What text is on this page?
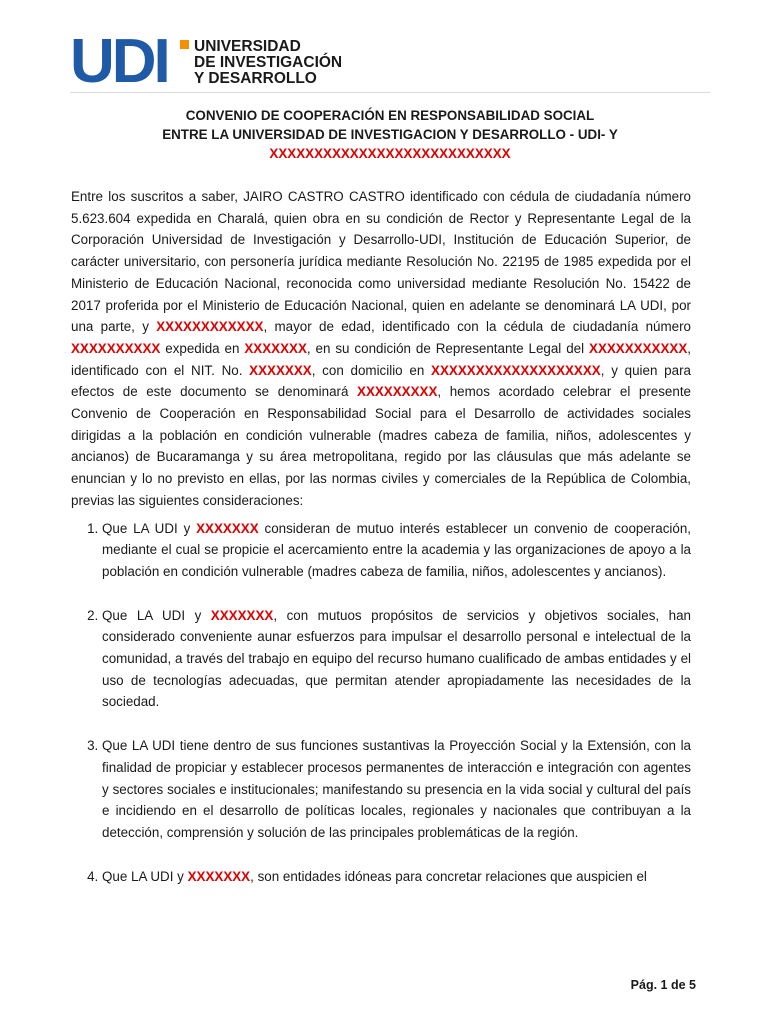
UDI UNIVERSIDAD
DE INVESTIGACIÓN
Y DESARROLLO
CONVENIO DE COOPERACIÓN EN RESPONSABILIDAD SOCIAL
ENTRE LA UNIVERSIDAD DE INVESTIGACION Y DESARROLLO - UDI- Y
XXXXXXXXXXXXXXXXXXXXXXXXXXX

Entre los suscritos a saber, JAIRO CASTRO CASTRO identificado con cédula de ciudadanía número 5.623.604 expedida en Charalá, quien obra en su condición de Rector y Representante Legal de la Corporación Universidad de Investigación y Desarrollo-UDI, Institución de Educación Superior, de carácter universitario, con personería jurídica mediante Resolución No. 22195 de 1985 expedida por el Ministerio de Educación Nacional, reconocida como universidad mediante Resolución No. 15422 de 2017 proferida por el Ministerio de Educación Nacional, quien en adelante se denominará LA UDI, por una parte, y XXXXXXXXXXXX, mayor de edad, identificado con la cédula de ciudadanía número XXXXXXXXXX expedida en XXXXXXX, en su condición de Representante Legal del XXXXXXXXXXX, identificado con el NIT. No. XXXXXXX, con domicilio en XXXXXXXXXXXXXXXXXXX, y quien para efectos de este documento se denominará XXXXXXXXX, hemos acordado celebrar el presente Convenio de Cooperación en Responsabilidad Social para el Desarrollo de actividades sociales dirigidas a la población en condición vulnerable (madres cabeza de familia, niños, adolescentes y ancianos) de Bucaramanga y su área metropolitana, regido por las cláusulas que más adelante se enuncian y lo no previsto en ellas, por las normas civiles y comerciales de la República de Colombia, previas las siguientes consideraciones:

1. Que LA UDI y XXXXXXX consideran de mutuo interés establecer un convenio de cooperación, mediante el cual se propicie el acercamiento entre la academia y las organizaciones de apoyo a la población en condición vulnerable (madres cabeza de familia, niños, adolescentes y ancianos).
2. Que LA UDI y XXXXXXX, con mutuos propósitos de servicios y objetivos sociales, han considerado conveniente aunar esfuerzos para impulsar el desarrollo personal e intelectual de la comunidad, a través del trabajo en equipo del recurso humano cualificado de ambas entidades y el uso de tecnologías adecuadas, que permitan atender apropiadamente las necesidades de la sociedad.
3. Que LA UDI tiene dentro de sus funciones sustantivas la Proyección Social y la Extensión, con la finalidad de propiciar y establecer procesos permanentes de interacción e integración con agentes y sectores sociales e institucionales; manifestando su presencia en la vida social y cultural del país e incidiendo en el desarrollo de políticas locales, regionales y nacionales que contribuyan a la detección, comprensión y solución de las principales problemáticas de la región.
4. Que LA UDI y XXXXXXX, son entidades idóneas para concretar relaciones que auspicien el
Pág. 1 de 5
